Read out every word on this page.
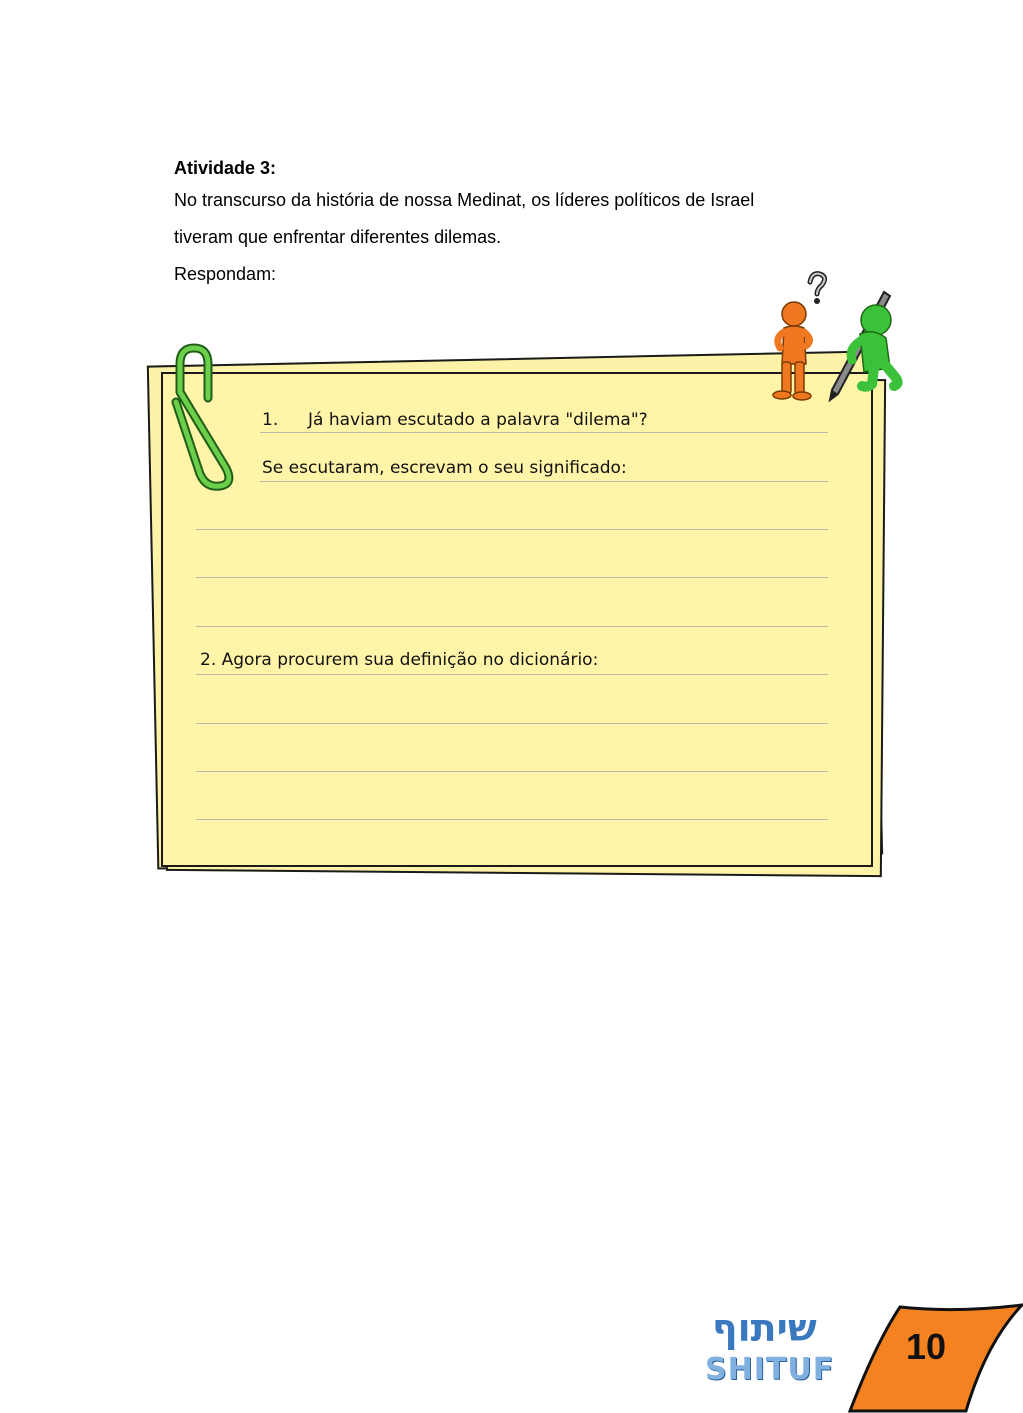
Atividade 3:
No transcurso da história de nossa Medinat, os líderes políticos de Israel
tiveram que enfrentar diferentes dilemas.
Respondam:
1. Já haviam escutado a palavra "dilema"?
Se escutaram, escrevam o seu significado:
2. Agora procurem sua definição no dicionário:
שיתוף
SHITUF
10
